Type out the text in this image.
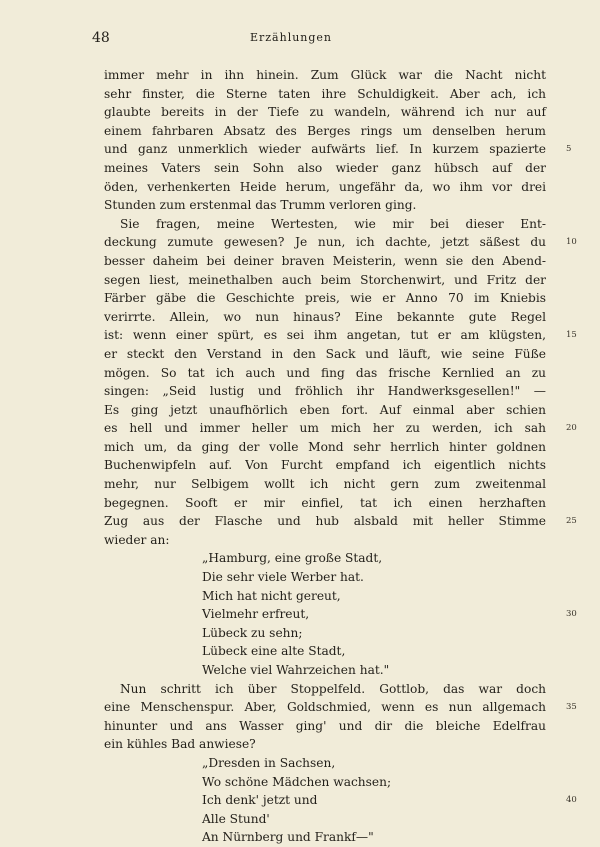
48	Erzählungen
immer mehr in ihn hinein. Zum Glück war die Nacht nicht
sehr finster, die Sterne taten ihre Schuldigkeit. Aber ach, ich
glaubte bereits in der Tiefe zu wandeln, während ich nur auf
einem fahrbaren Absatz des Berges rings um denselben herum
und ganz unmerklich wieder aufwärts lief. In kurzem spazierte 5
meines Vaters sein Sohn also wieder ganz hübsch auf der
öden, verhenkerten Heide herum, ungefähr da, wo ihm vor drei
Stunden zum erstenmal das Trumm verloren ging.
Sie fragen, meine Wertesten, wie mir bei dieser Ent-
deckung zumute gewesen? Je nun, ich dachte, jetzt säßest du 10
besser daheim bei deiner braven Meisterin, wenn sie den Abend-
segen liest, meinethalben auch beim Storchenwirt, und Fritz der
Färber gäbe die Geschichte preis, wie er Anno 70 im Kniebis
verirrte. Allein, wo nun hinaus? Eine bekannte gute Regel
ist: wenn einer spürt, es sei ihm angetan, tut er am klügsten, 15
er steckt den Verstand in den Sack und läuft, wie seine Füße
mögen. So tat ich auch und fing das frische Kernlied an zu
singen: „Seid lustig und fröhlich ihr Handwerksgesellen!" —
Es ging jetzt unaufhörlich eben fort. Auf einmal aber schien
es hell und immer heller um mich her zu werden, ich sah 20
mich um, da ging der volle Mond sehr herrlich hinter goldnen
Buchenwipfeln auf. Von Furcht empfand ich eigentlich nichts
mehr, nur Selbigem wollt ich nicht gern zum zweitenmal
begegnen. Sooft er mir einfiel, tat ich einen herzhaften
Zug aus der Flasche und hub alsbald mit heller Stimme 25
wieder an:
„Hamburg, eine große Stadt,
Die sehr viele Werber hat.
Mich hat nicht gereut,
Vielmehr erfreut,	30
Lübeck zu sehn;
Lübeck eine alte Stadt,
Welche viel Wahrzeichen hat."
Nun schritt ich über Stoppelfeld. Gottlob, das war doch
eine Menschenspur. Aber, Goldschmied, wenn es nun allgemach 35
hinunter und ans Wasser ging' und dir die bleiche Edelfrau
ein kühles Bad anwiese?
„Dresden in Sachsen,
Wo schöne Mädchen wachsen;
Ich denk' jetzt und	40
Alle Stund'
An Nürnberg und Frankf—"
